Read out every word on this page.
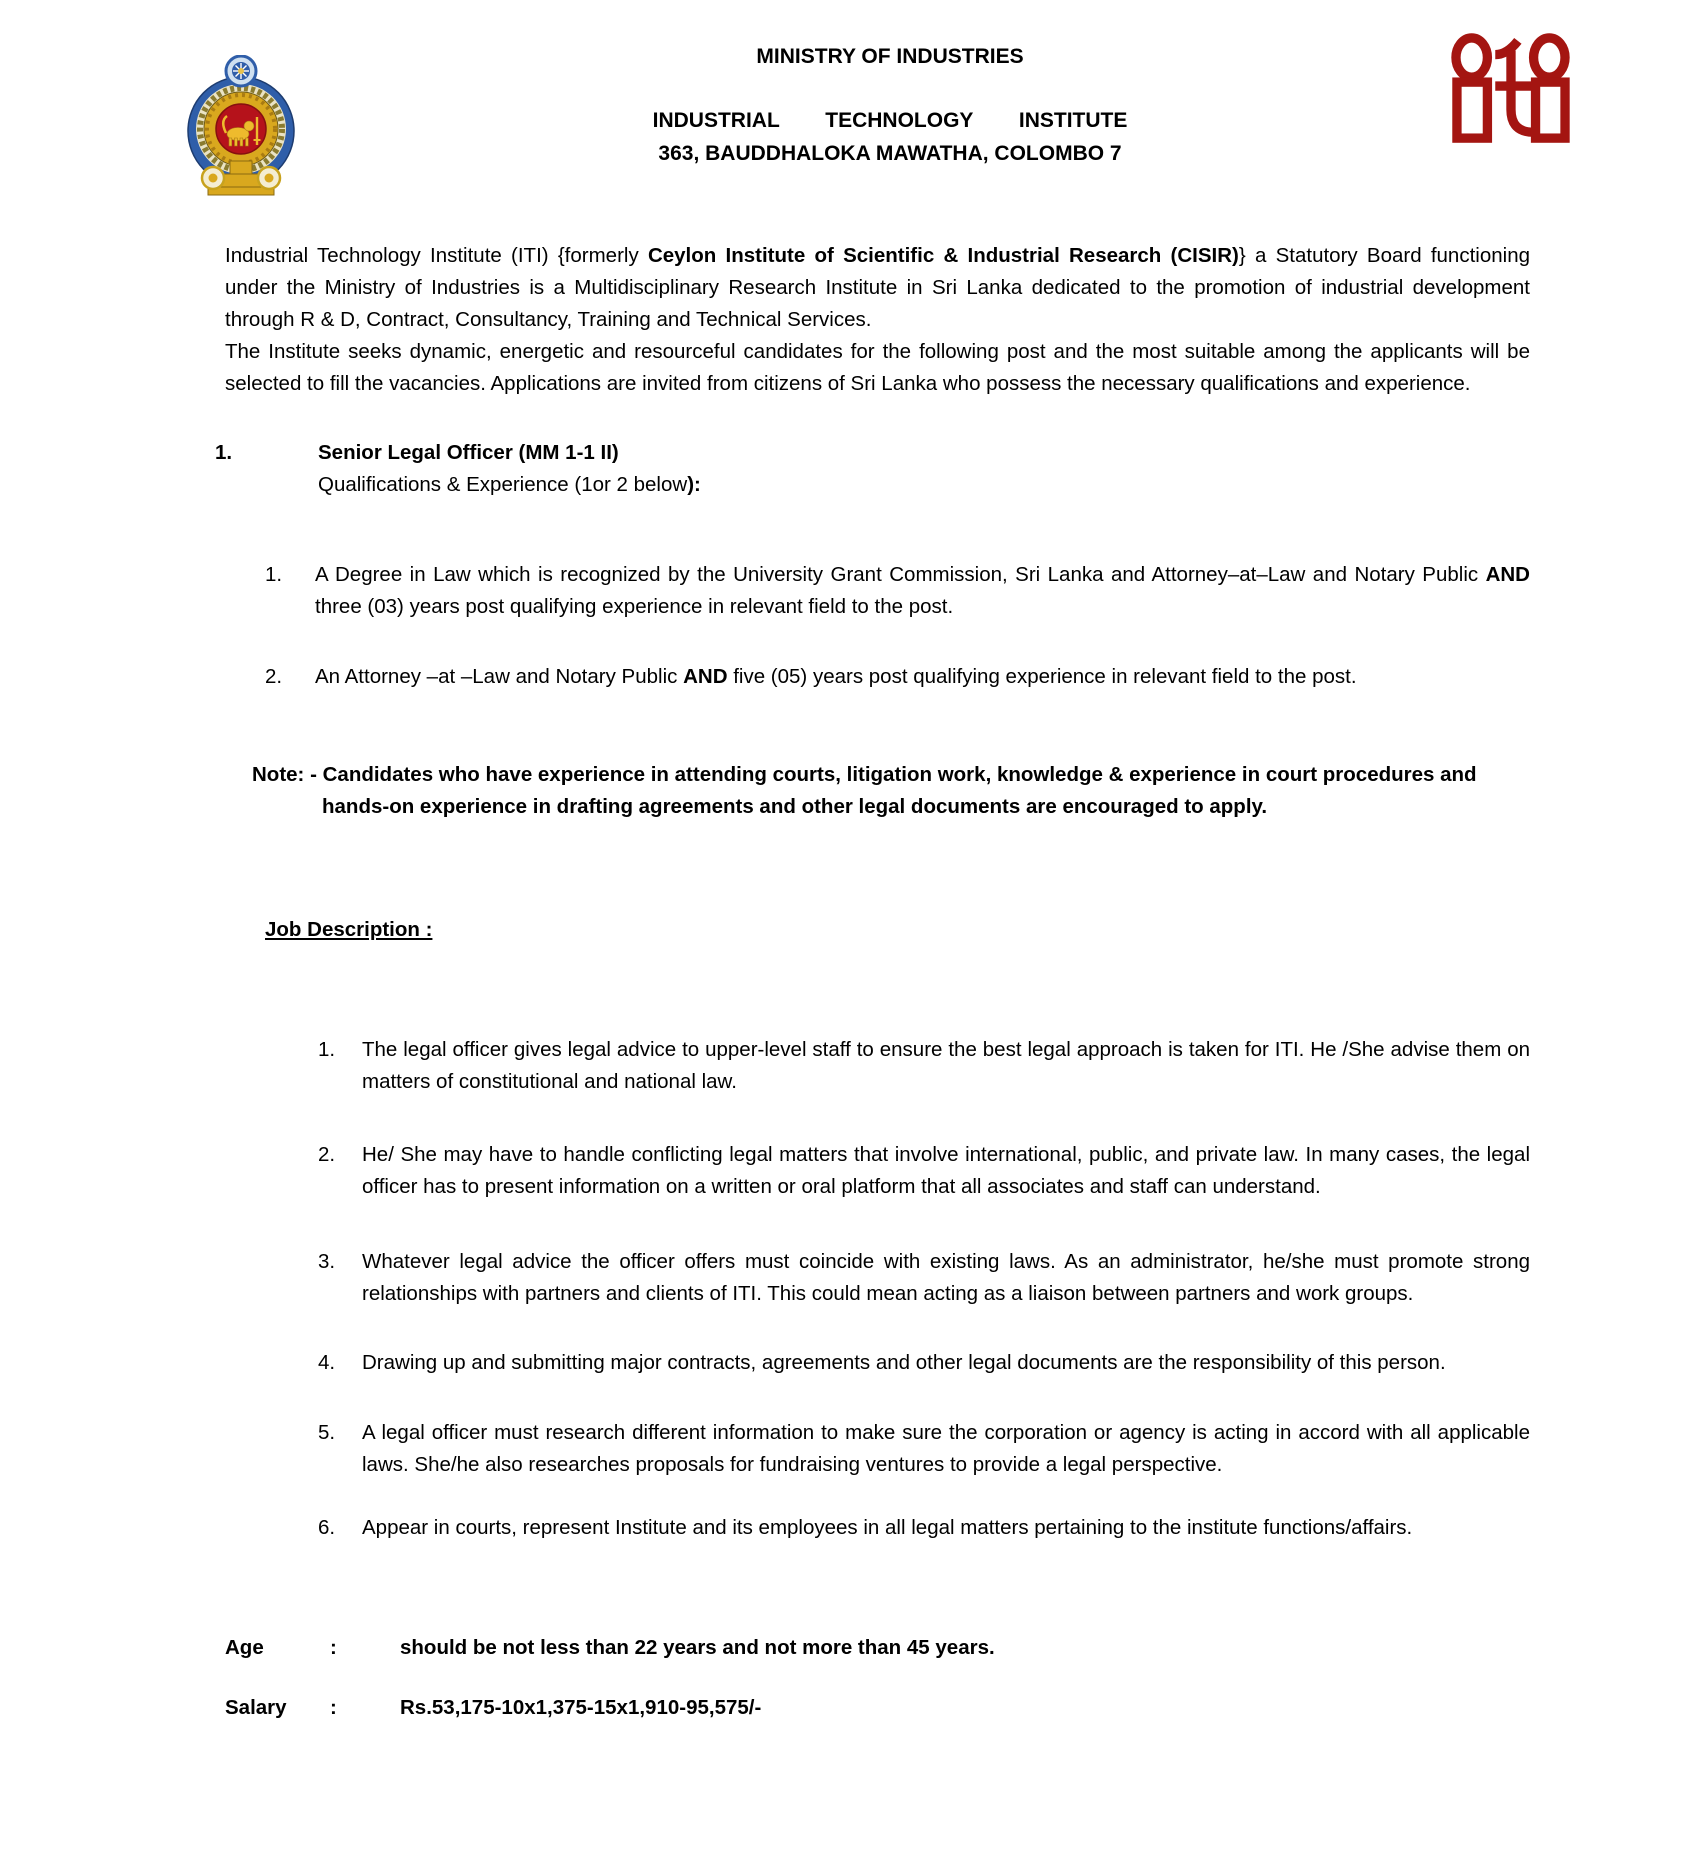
MINISTRY OF INDUSTRIES
INDUSTRIAL TECHNOLOGY INSTITUTE
363, BAUDDHALOKA MAWATHA, COLOMBO 7

Industrial Technology Institute (ITI) {formerly Ceylon Institute of Scientific & Industrial Research (CISIR)} a Statutory Board functioning under the Ministry of Industries is a Multidisciplinary Research Institute in Sri Lanka dedicated to the promotion of industrial development through R & D, Contract, Consultancy, Training and Technical Services.

The Institute seeks dynamic, energetic and resourceful candidates for the following post and the most suitable among the applicants will be selected to fill the vacancies. Applications are invited from citizens of Sri Lanka who possess the necessary qualifications and experience.

1.	Senior Legal Officer (MM 1-1 II)
Qualifications & Experience (1or 2 below):
1.	A Degree in Law which is recognized by the University Grant Commission, Sri Lanka and Attorney–at–Law and Notary Public AND three (03) years post qualifying experience in relevant field to the post.
2.	An Attorney –at –Law and Notary Public AND five (05) years post qualifying experience in relevant field to the post.
Note: - Candidates who have experience in attending courts, litigation work, knowledge & experience in court procedures and hands-on experience in drafting agreements and other legal documents are encouraged to apply.
Job Description :
1.	The legal officer gives legal advice to upper-level staff to ensure the best legal approach is taken for ITI. He /She advise them on matters of constitutional and national law.
2.	He/ She may have to handle conflicting legal matters that involve international, public, and private law. In many cases, the legal officer has to present information on a written or oral platform that all associates and staff can understand.
3.	Whatever legal advice the officer offers must coincide with existing laws. As an administrator, he/she must promote strong relationships with partners and clients of ITI. This could mean acting as a liaison between partners and work groups.
4.	Drawing up and submitting major contracts, agreements and other legal documents are the responsibility of this person.
5.	A legal officer must research different information to make sure the corporation or agency is acting in accord with all applicable laws. She/he also researches proposals for fundraising ventures to provide a legal perspective.
6.	Appear in courts, represent Institute and its employees in all legal matters pertaining to the institute functions/affairs.
Age	:	should be not less than 22 years and not more than 45 years.
Salary	:	Rs.53,175-10x1,375-15x1,910-95,575/-
